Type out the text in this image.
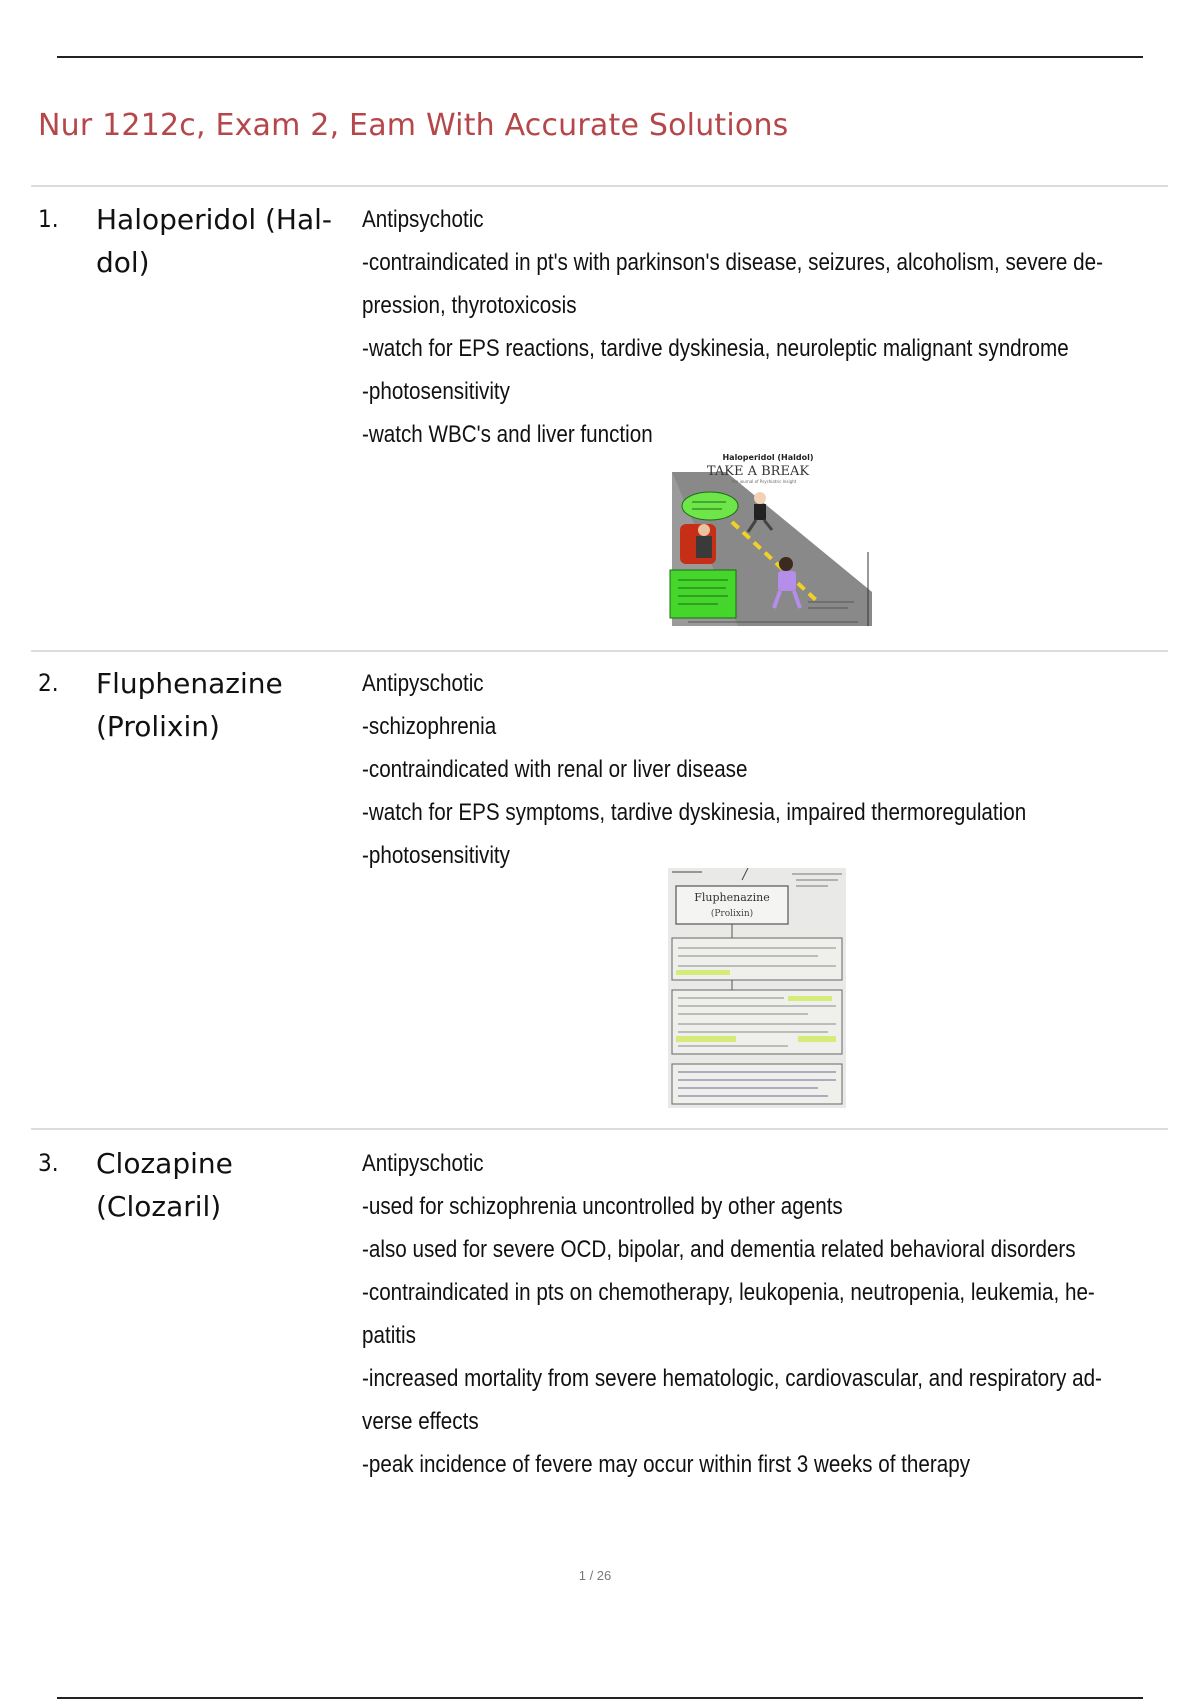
Nur 1212c, Exam 2, Eam With Accurate Solutions
1. Haloperidol (Hal-
dol)
Antipsychotic
-contraindicated in pt's with parkinson's disease, seizures, alcoholism, severe de-
pression, thyrotoxicosis
-watch for EPS reactions, tardive dyskinesia, neuroleptic malignant syndrome
-photosensitivity
-watch WBC's and liver function
Haloperidol (Haldol)
TAKE A BREAK
the journal of Psychiatric Insight
2. Fluphenazine
(Prolixin)
Antipyschotic
-schizophrenia
-contraindicated with renal or liver disease
-watch for EPS symptoms, tardive dyskinesia, impaired thermoregulation
-photosensitivity
Fluphenazine
(Prolixin)
3. Clozapine
(Clozaril)
Antipyschotic
-used for schizophrenia uncontrolled by other agents
-also used for severe OCD, bipolar, and dementia related behavioral disorders
-contraindicated in pts on chemotherapy, leukopenia, neutropenia, leukemia, he-
patitis
-increased mortality from severe hematologic, cardiovascular, and respiratory ad-
verse effects
-peak incidence of fevere may occur within first 3 weeks of therapy
1 / 26
